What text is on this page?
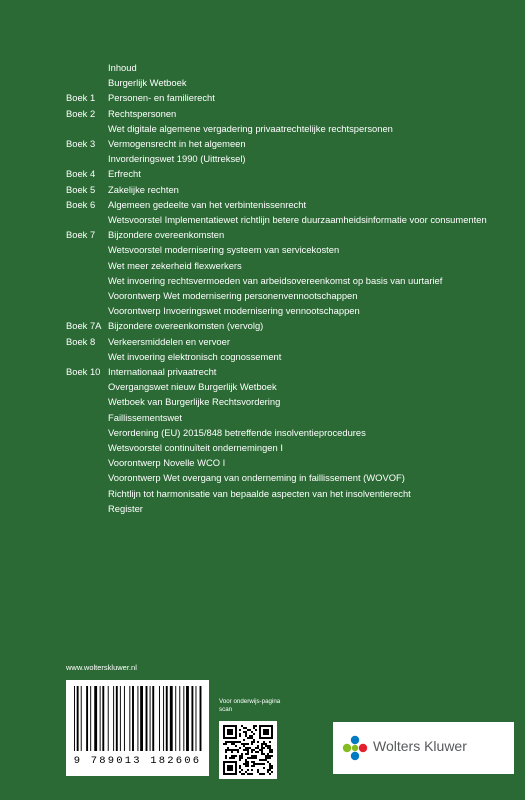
Inhoud
Burgerlijk Wetboek
Boek 1	Personen- en familierecht
Boek 2	Rechtspersonen
Wet digitale algemene vergadering privaatrechtelijke rechtspersonen
Boek 3	Vermogensrecht in het algemeen
Invorderingswet 1990 (Uittreksel)
Boek 4	Erfrecht
Boek 5	Zakelijke rechten
Boek 6	Algemeen gedeelte van het verbintenissenrecht
Wetsvoorstel Implementatiewet richtlijn betere duurzaamheidsinformatie voor consumenten
Boek 7	Bijzondere overeenkomsten
Wetsvoorstel modernisering systeem van servicekosten
Wet meer zekerheid flexwerkers
Wet invoering rechtsvermoeden van arbeidsovereenkomst op basis van uurtarief
Voorontwerp Wet modernisering personenvennootschappen
Voorontwerp Invoeringswet modernisering vennootschappen
Boek 7A Bijzondere overeenkomsten (vervolg)
Boek 8	Verkeersmiddelen en vervoer
Wet invoering elektronisch cognossement
Boek 10 Internationaal privaatrecht
Overgangswet nieuw Burgerlijk Wetboek
Wetboek van Burgerlijke Rechtsvordering
Faillissementswet
Verordening (EU) 2015/848 betreffende insolventieprocedures
Wetsvoorstel continuïteit ondernemingen I
Voorontwerp Novelle WCO I
Voorontwerp Wet overgang van onderneming in faillissement (WOVOF)
Richtlijn tot harmonisatie van bepaalde aspecten van het insolventierecht
Register
www.wolterskluwer.nl
9 789013 182606
Voor onderwijs-pagina scan
Wolters Kluwer
